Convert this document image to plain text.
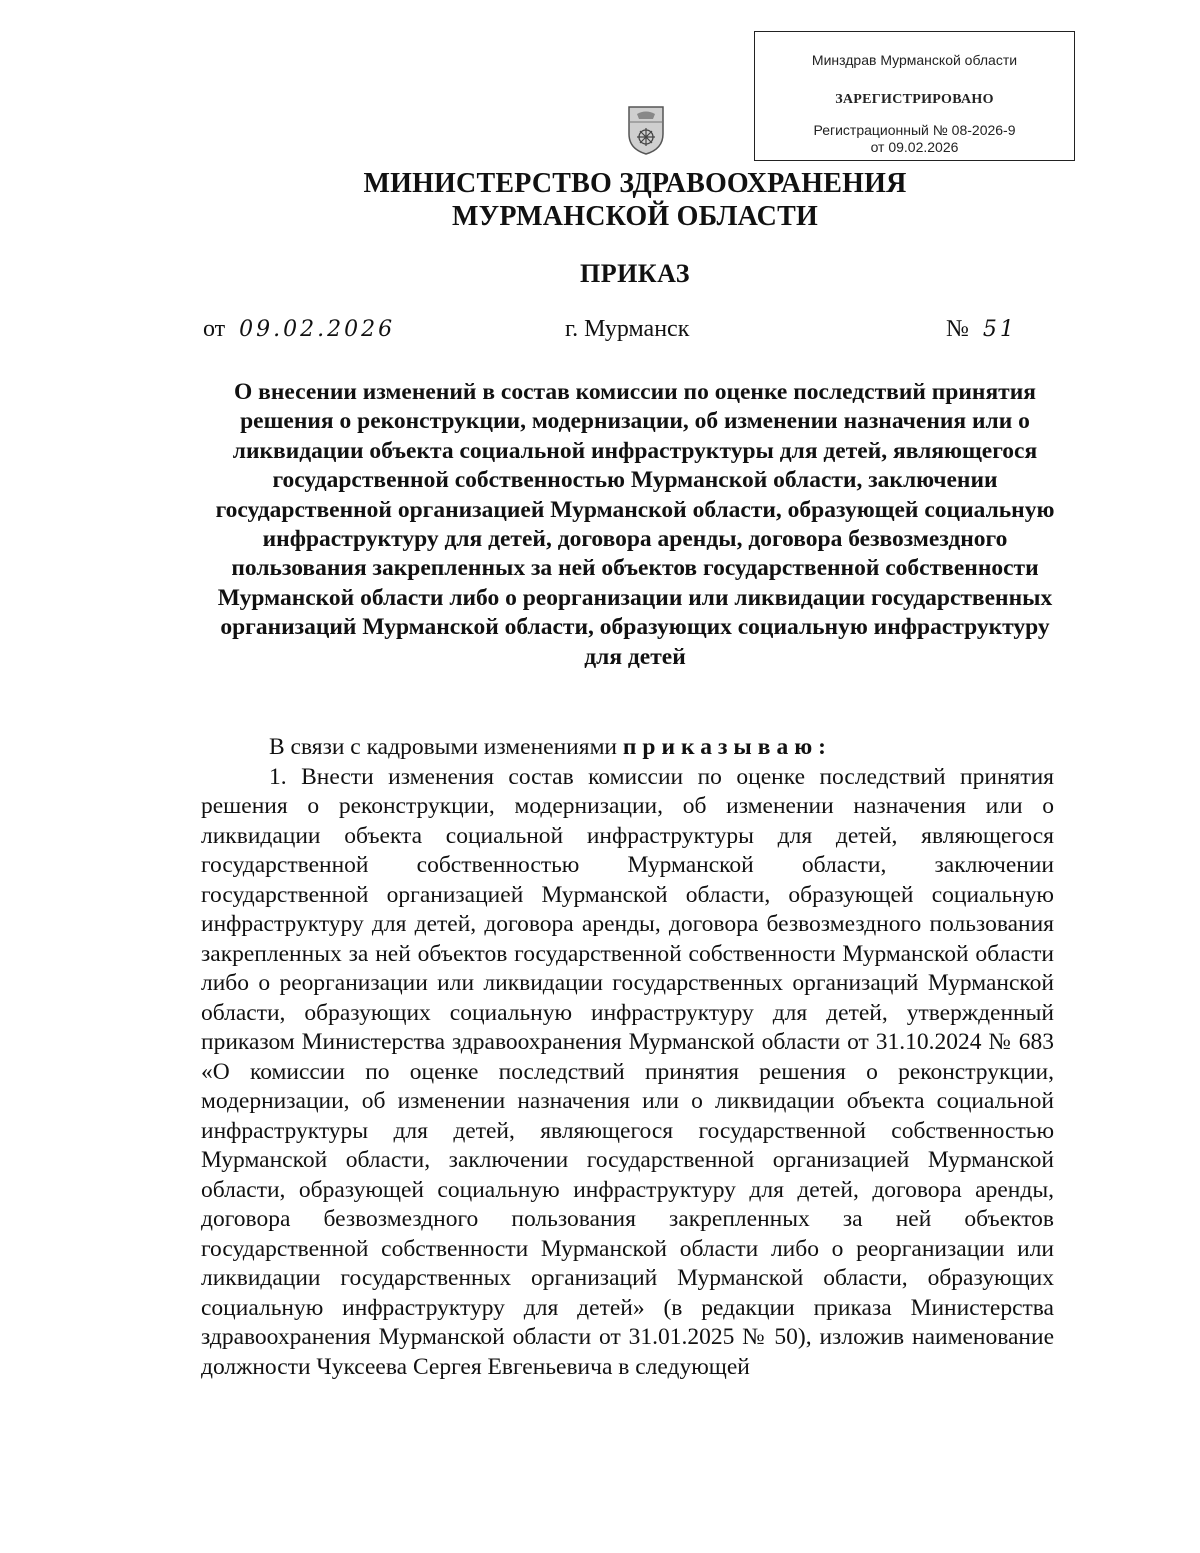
Минздрав Мурманской области
ЗАРЕГИСТРИРОВАНО
Регистрационный № 08-2026-9
от 09.02.2026
МИНИСТЕРСТВО ЗДРАВООХРАНЕНИЯ
МУРМАНСКОЙ ОБЛАСТИ
ПРИКАЗ
от 09.02.2026	г. Мурманск	№ 51
О внесении изменений в состав комиссии по оценке последствий принятия решения о реконструкции, модернизации, об изменении назначения или о ликвидации объекта социальной инфраструктуры для детей, являющегося государственной собственностью Мурманской области, заключении государственной организацией Мурманской области, образующей социальную инфраструктуру для детей, договора аренды, договора безвозмездного пользования закрепленных за ней объектов государственной собственности Мурманской области либо о реорганизации или ликвидации государственных организаций Мурманской области, образующих социальную инфраструктуру для детей

В связи с кадровыми изменениями приказываю:

1. Внести изменения состав комиссии по оценке последствий принятия решения о реконструкции, модернизации, об изменении назначения или о ликвидации объекта социальной инфраструктуры для детей, являющегося государственной собственностью Мурманской области, заключении государственной организацией Мурманской области, образующей социальную инфраструктуру для детей, договора аренды, договора безвозмездного пользования закрепленных за ней объектов государственной собственности Мурманской области либо о реорганизации или ликвидации государственных организаций Мурманской области, образующих социальную инфраструктуру для детей, утвержденный приказом Министерства здравоохранения Мурманской области от 31.10.2024 № 683 «О комиссии по оценке последствий принятия решения о реконструкции, модернизации, об изменении назначения или о ликвидации объекта социальной инфраструктуры для детей, являющегося государственной собственностью Мурманской области, заключении государственной организацией Мурманской области, образующей социальную инфраструктуру для детей, договора аренды, договора безвозмездного пользования закрепленных за ней объектов государственной собственности Мурманской области либо о реорганизации или ликвидации государственных организаций Мурманской области, образующих социальную инфраструктуру для детей» (в редакции приказа Министерства здравоохранения Мурманской области от 31.01.2025 № 50), изложив наименование должности Чуксеева Сергея Евгеньевича в следующей
